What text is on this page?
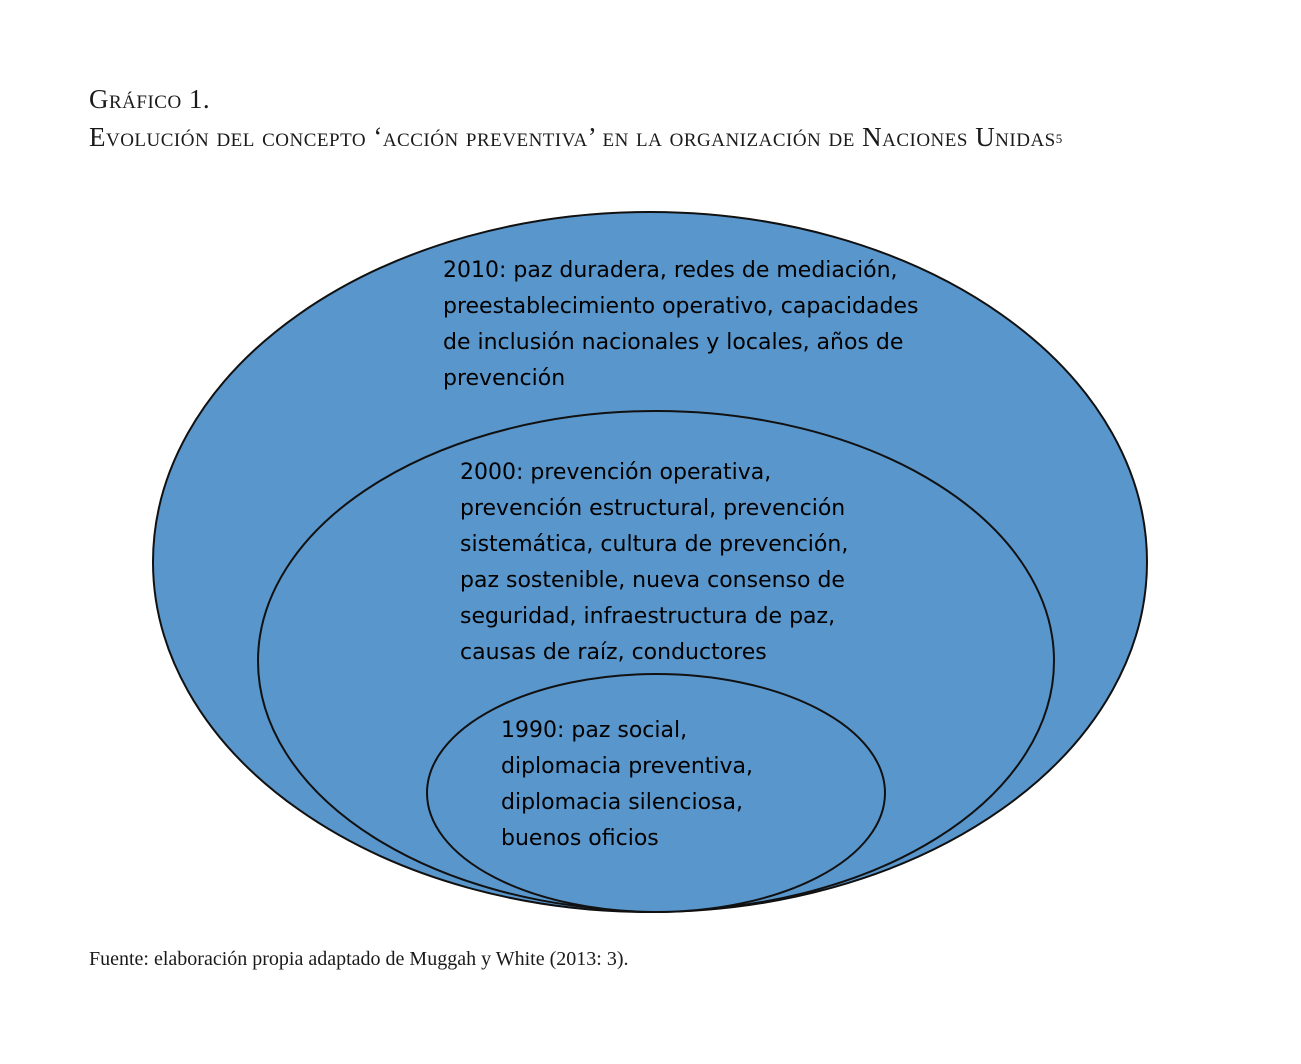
Gráfico 1.
Evolución del concepto ‘acción preventiva’ en la organización de Naciones Unidas$^5$
2010: paz duradera, redes de mediación,
preestablecimiento operativo, capacidades
de inclusión nacionales y locales, años de
prevención
2000: prevención operativa,
prevención estructural, prevención
sistemática, cultura de prevención,
paz sostenible, nueva consenso de
seguridad, infraestructura de paz,
causas de raíz, conductores
1990: paz social,
diplomacia preventiva,
diplomacia silenciosa,
buenos oficios

Fuente: elaboración propia adaptado de Muggah y White (2013: 3).
